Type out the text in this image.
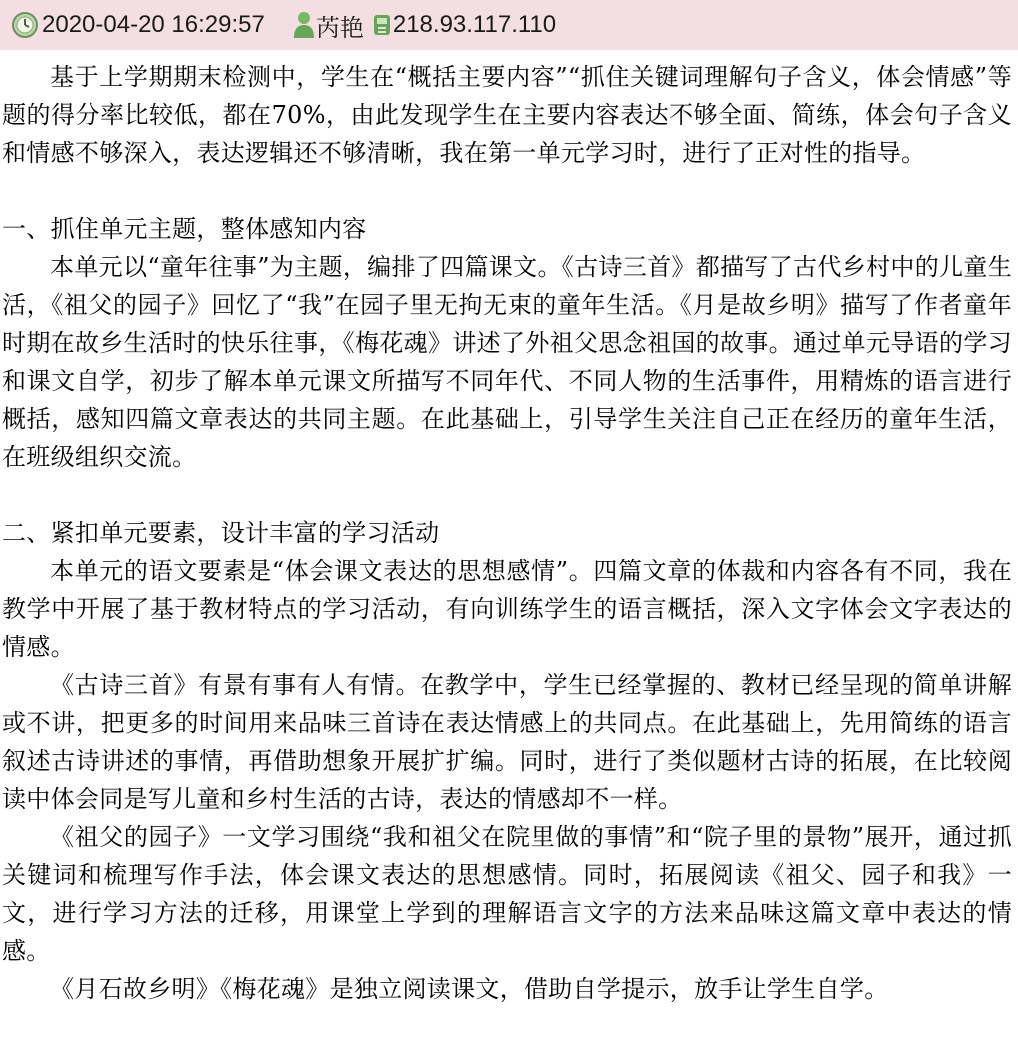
2020-04-20 16:29:57 芮艳 218.93.117.110

基于上学期期末检测中，学生在“概括主要内容”“抓住关键词理解句子含义，体会情感”等题的得分率比较低，都在70%，由此发现学生在主要内容表达不够全面、简练，体会句子含义和情感不够深入，表达逻辑还不够清晰，我在第一单元学习时，进行了正对性的指导。

一、抓住单元主题，整体感知内容

本单元以“童年往事”为主题，编排了四篇课文。《古诗三首》都描写了古代乡村中的儿童生活，《祖父的园子》回忆了“我”在园子里无拘无束的童年生活。《月是故乡明》描写了作者童年时期在故乡生活时的快乐往事，《梅花魂》讲述了外祖父思念祖国的故事。通过单元导语的学习和课文自学，初步了解本单元课文所描写不同年代、不同人物的生活事件，用精炼的语言进行概括，感知四篇文章表达的共同主题。在此基础上，引导学生关注自己正在经历的童年生活，在班级组织交流。

二、紧扣单元要素，设计丰富的学习活动

本单元的语文要素是“体会课文表达的思想感情”。四篇文章的体裁和内容各有不同，我在教学中开展了基于教材特点的学习活动，有向训练学生的语言概括，深入文字体会文字表达的情感。

《古诗三首》有景有事有人有情。在教学中，学生已经掌握的、教材已经呈现的简单讲解或不讲，把更多的时间用来品味三首诗在表达情感上的共同点。在此基础上，先用简练的语言叙述古诗讲述的事情，再借助想象开展扩扩编。同时，进行了类似题材古诗的拓展，在比较阅读中体会同是写儿童和乡村生活的古诗，表达的情感却不一样。

《祖父的园子》一文学习围绕“我和祖父在院里做的事情”和“院子里的景物”展开，通过抓关键词和梳理写作手法，体会课文表达的思想感情。同时，拓展阅读《祖父、园子和我》一文，进行学习方法的迁移，用课堂上学到的理解语言文字的方法来品味这篇文章中表达的情感。

《月石故乡明》《梅花魂》是独立阅读课文，借助自学提示，放手让学生自学。
